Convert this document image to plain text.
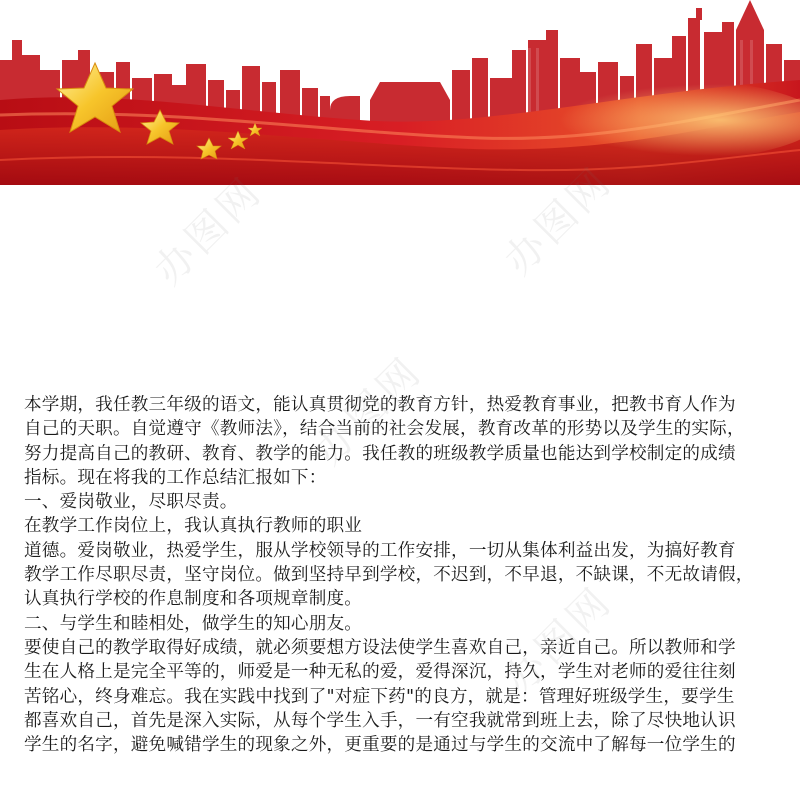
办图网	办图网
办图网
办图网
本学期，我任教三年级的语文，能认真贯彻党的教育方针，热爱教育事业，把教书育人作为
自己的天职。自觉遵守《教师法》，结合当前的社会发展，教育改革的形势以及学生的实际，
努力提高自己的教研、教育、教学的能力。我任教的班级教学质量也能达到学校制定的成绩
指标。现在将我的工作总结汇报如下：
一、爱岗敬业，尽职尽责。
在教学工作岗位上，我认真执行教师的职业
道德。爱岗敬业，热爱学生，服从学校领导的工作安排，一切从集体利益出发，为搞好教育
教学工作尽职尽责，坚守岗位。做到坚持早到学校，不迟到，不早退，不缺课，不无故请假，
认真执行学校的作息制度和各项规章制度。
二、与学生和睦相处，做学生的知心朋友。
要使自己的教学取得好成绩，就必须要想方设法使学生喜欢自己，亲近自己。所以教师和学
生在人格上是完全平等的，师爱是一种无私的爱，爱得深沉，持久，学生对老师的爱往往刻
苦铭心，终身难忘。我在实践中找到了"对症下药"的良方，就是：管理好班级学生，要学生
都喜欢自己，首先是深入实际，从每个学生入手，一有空我就常到班上去，除了尽快地认识
学生的名字，避免喊错学生的现象之外，更重要的是通过与学生的交流中了解每一位学生的
